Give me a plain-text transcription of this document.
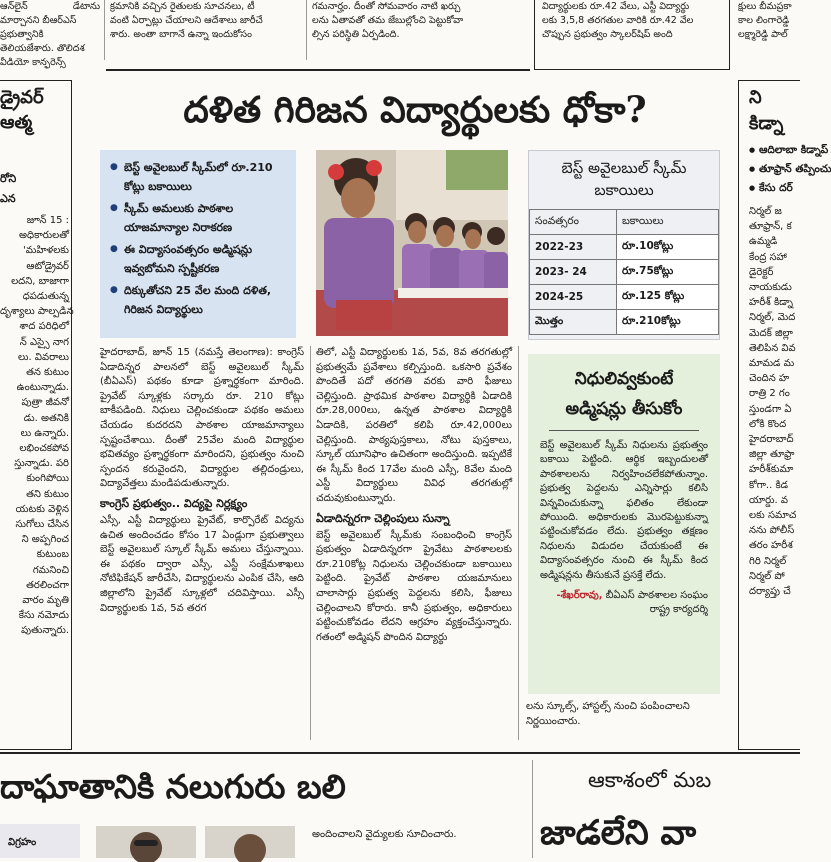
ఆన్‌లైన్‌ డేటాను మార్చానని బీఆర్‌ఎస్

ప్రభుత్వానికి తెలియజేశారు. తొలిదశ

వీడియో కాన్ఫరెన్స్

క్రమానికి వచ్చిన రైతులకు సూచనలు, టీ

వంటి ఏర్పాట్లు చేయాలని ఆదేశాలు జారీచే

శారు. అంతా బాగానే ఉన్నా ఇందుకోసం

గమనార్హం. దీంతో సోమవారం నాటి ఖర్చు

లను ఏతావతో తమ జేబుల్లోంచి పెట్టుకోవా

ల్సిన పరిస్థితి ఏర్పడింది.

విద్యార్థులకు రూ.42 వేలు, ఎస్టీ విద్యార్థు

లకు 3,5,8 తరగతుల వారికి రూ.42 వేల

చొప్పున ప్రభుత్వం స్కాలర్‌షిప్ అంది

క్షులు బీమప్రకా

కాల లింగారెడ్డి

లక్ష్మారెడ్డి పాల్

డ్రైవర్
ఆత్మ
రోని
ఎన
జూన్ 15 :
అధికారులతో
'మహిళలకు
ఆటోడ్రైవర్
లదని, బాజాగా
ధపడుతున్న
దృశ్యాలు పాల్పడిన
శాద పరిధిలో
న్ ఎస్సై నాగ
లు. వివరాలు
తన కుటుం
ఉంటున్నాడు.
పుత్రా జీవనో
డు. అతనికి
లు ఉన్నారు.
లభించకపోవ
స్తున్నాడు. పరి
కుంగిపోయి
తని కుటుం
యటకు వెళ్లిన
సుగోలు చేసిన
ని అప్పగించ
కుటుంబ
గమనించి
తరలించగా
వారం మృతి
కేసు నమోదు
పుతున్నారు.
దళిత గిరిజన విద్యార్థులకు ధోకా?
● బెస్ట్ అవైలబుల్ స్కీమ్‌లో రూ.210 కోట్లు బకాయిలు
● స్కీమ్ అమలుకు పాఠశాల యాజమాన్యాల నిరాకరణ
● ఈ విద్యాసంవత్సరం అడ్మిషన్లు ఇవ్వబోమని స్పష్టీకరణ
● దిక్కుతోచని 25 వేల మంది దళిత, గిరిజన విద్యార్థులు
బెస్ట్ అవైలబుల్ స్కీమ్ బకాయిలు
సంవత్సరం	బకాయిలు
2022-23	రూ.10కోట్లు
2023- 24	రూ.75కోట్లు
2024-25	రూ.125 కోట్లు
మొత్తం	రూ.210కోట్లు

హైదరాబాద్, జూన్ 15 (నమస్తే తెలంగాణ): కాంగ్రెస్ ఏడాదిన్నర పాలనలో బెస్ట్ అవైలబుల్ స్కీమ్ (బీఏఎస్) పథకం కూడా ప్రశ్నార్థకంగా మారింది. ప్రైవేట్ స్కూళ్లకు సర్కారు రూ. 210 కోట్లు బాకీపడింది. నిధులు చెల్లించకుండా పథకం అమలు చేయడం కుదరదని పాఠశాల యాజమాన్యాలు స్పష్టంచేశాయి. దీంతో 25వేల మంది విద్యార్థుల భవితవ్యం ప్రశ్నార్థకంగా మారిందని, ప్రభుత్వం నుంచి స్పందన కరువైందని, విద్యార్థుల తల్లిదండ్రులు, విద్యావేత్తలు మండిపడుతున్నారు.

కాంగ్రెస్ ప్రభుత్వం.. విద్యపై నిర్లక్ష్యం

ఎస్సీ, ఎస్టీ విద్యార్థులు ప్రైవేట్, కార్పొరేట్ విద్యను ఉచిత అందించడం కోసం 17 ఏండ్లుగా ప్రభుత్వాలు బెస్ట్ అవైలబుల్ స్కూల్ స్కీమ్ అమలు చేస్తున్నాయి. ఈ పథకం ద్వారా ఎస్సీ, ఎస్టీ సంక్షేమశాఖలు నోటిఫికేషన్ జారీచేసి, విద్యార్థులను ఎంపిక చేసి, ఆది జిల్లాలోని ప్రైవేట్ స్కూళ్లలో చదివిస్తాయి. ఎస్సీ విద్యార్థులకు 1వ, 5వ తరగ

తిలో, ఎస్టీ విద్యార్థులకు 1వ, 5వ, 8వ తరగతుల్లో ప్రభుత్వమే ప్రవేశాలు కల్పిస్తుంది. ఒకసారి ప్రవేశం పొందితే పదో తరగతి వరకు వారి ఫీజులు చెల్లిస్తుంది. ప్రాథమిక పాఠశాల విద్యార్థికి ఏడాదికి రూ.28,000లు, ఉన్నత పాఠశాల విద్యార్థికి ఏడాదికి, పరతిలో కలిపి రూ.42,000లు చెల్లిస్తుంది. పాఠ్యపుస్తకాలు, నోటు పుస్తకాలు, స్కూల్ యూనిఫాం ఉచితంగా అందిస్తుంది. ఇప్పటికే ఈ స్కీమ్ కింద 17వేల మంది ఎస్సీ, 8వేల మంది ఎస్టీ విద్యార్థులు వివిధ తరగతుల్లో చదువుకుంటున్నారు.

ఏడాదిన్నరగా చెల్లింపులు సున్నా

బెస్ట్ అవైలబుల్ స్కీమ్‌కు సంబంధించి కాంగ్రెస్ ప్రభుత్వం ఏడాదిన్నరగా ప్రైవేటు పాఠశాలలకు రూ.210కోట్ల నిధులను చెల్లించకుండా బకాయిలు పెట్టింది. ప్రైవేట్ పాఠశాల యజమానులు చాలాసార్లు ప్రభుత్వ పెద్దలను కలిసి, ఫీజులు చెల్లించాలని కోరారు. కానీ ప్రభుత్వం, అధికారులు పట్టించుకోవడం లేదని ఆగ్రహం వ్యక్తంచేస్తున్నారు. గతంలో అడ్మిషన్ పొందిన విద్యార్థు

నిధులివ్వకుంటే
అడ్మిషన్లు తీసుకోం

బెస్ట్ అవైలబుల్ స్కీమ్ నిధులను ప్రభుత్వం బకాయి పెట్టింది. ఆర్థిక ఇబ్బందులతో పాఠశాలలను నిర్వహించలేకపోతున్నాం. ప్రభుత్వ పెద్దలను ఎన్నిసార్లు కలిసి విన్నవించుకున్నా ఫలితం లేకుండా పోయింది. అధికారులకు మొరపెట్టుకున్నా పట్టించుకోవడం లేదు. ప్రభుత్వం తక్షణం నిధులను విడుదల చేయకుంటే ఈ విద్యాసంవత్సరం నుంచి ఈ స్కీమ్ కింద అడ్మిషన్లను తీసుకునే ప్రసక్తే లేదు.

-శేఖర్‌రావు, బీఏఎస్ పాఠశాలల సంఘం రాష్ట్ర కార్యదర్శి

లను స్కూల్స్, హాస్టల్స్ నుంచి పంపించాలని

నిర్ణయించారు.

ని
కిడ్నా
● ఆదిలాబా కిడ్నాప్
● తూఫ్రాన్ తప్పించు
● కేసు దర్
నిర్మల్ జ
తూఫ్రాన్, క
ఉమ్మడి
కేంద్ర సహా
డైరెక్టర్
నాయకుడు
హరీశ్ కిడ్నా
నిర్మల్, మెద
మెదక్ జిల్లా
తెలిపిన వివ
మామడ మ
చెందిన హ
రాత్రి 2 గం
స్తుండగా ఏ
లోకి కొంద
హైదరాబాద్
జిల్లా తూఫ్రా
హరీశ్‌కుమా
కోగా.. కిడ
యార్డు. వ
లకు సమాచ
నను పోలీస్
తరం హరీశ
గిరి నిర్మల్
నిర్మల్ పో
దర్యాప్తు చే
దాఘాతానికి నలుగురు బలి	ఆకాశంలో మబ
జాడలేని వా
విగ్రహం
అందించాలని వైద్యులకు సూచించారు.
